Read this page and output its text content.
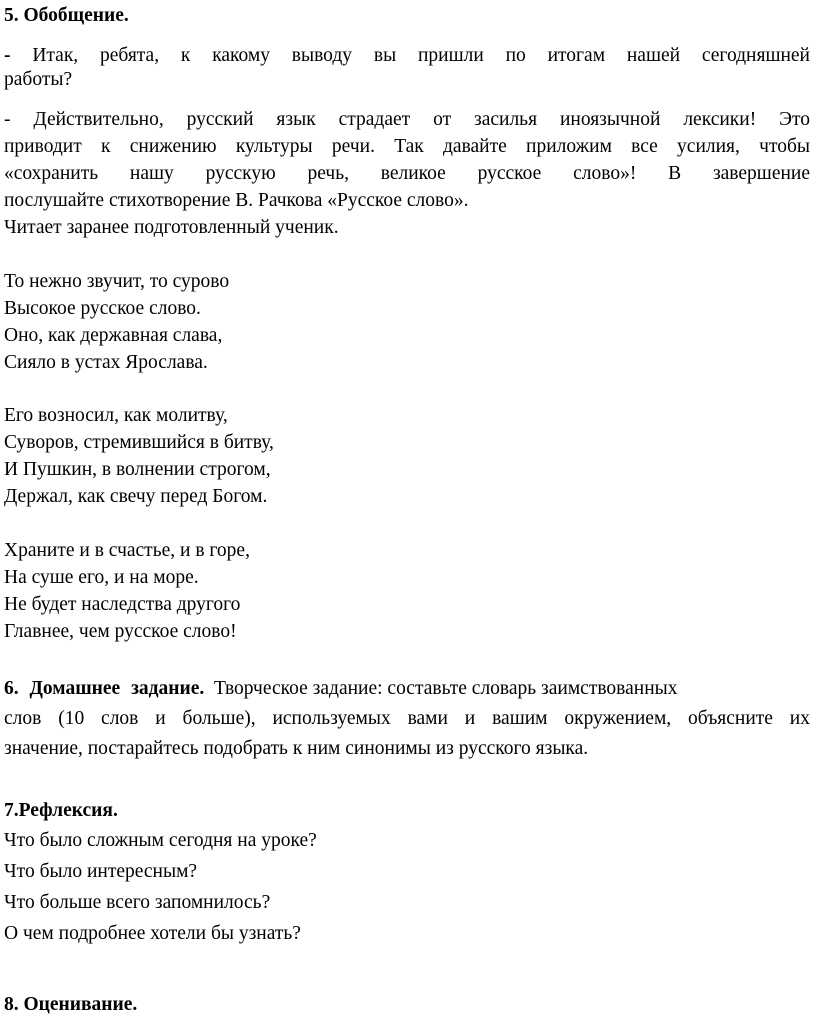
5. Обобщение.
- Итак, ребята, к какому выводу вы пришли по итогам нашей сегодняшней
работы?
- Действительно, русский язык страдает от засилья иноязычной лексики! Это
приводит к снижению культуры речи. Так давайте приложим все усилия, чтобы
«сохранить нашу русскую речь, великое русское слово»! В завершение
послушайте стихотворение В. Рачкова «Русское слово».
Читает заранее подготовленный ученик.
То нежно звучит, то сурово
Высокое русское слово.
Оно, как державная слава,
Сияло в устах Ярослава.
Его возносил, как молитву,
Суворов, стремившийся в битву,
И Пушкин, в волнении строгом,
Держал, как свечу перед Богом.
Храните и в счастье, и в горе,
На суше его, и на море.
Не будет наследства другого
Главнее, чем русское слово!
6. Домашнее задание. Творческое задание: составьте словарь заимствованных
слов (10 слов и больше), используемых вами и вашим окружением, объясните их
значение, постарайтесь подобрать к ним синонимы из русского языка.
7.Рефлексия.
Что было сложным сегодня на уроке?
Что было интересным?
Что больше всего запомнилось?
О чем подробнее хотели бы узнать?
8. Оценивание.
